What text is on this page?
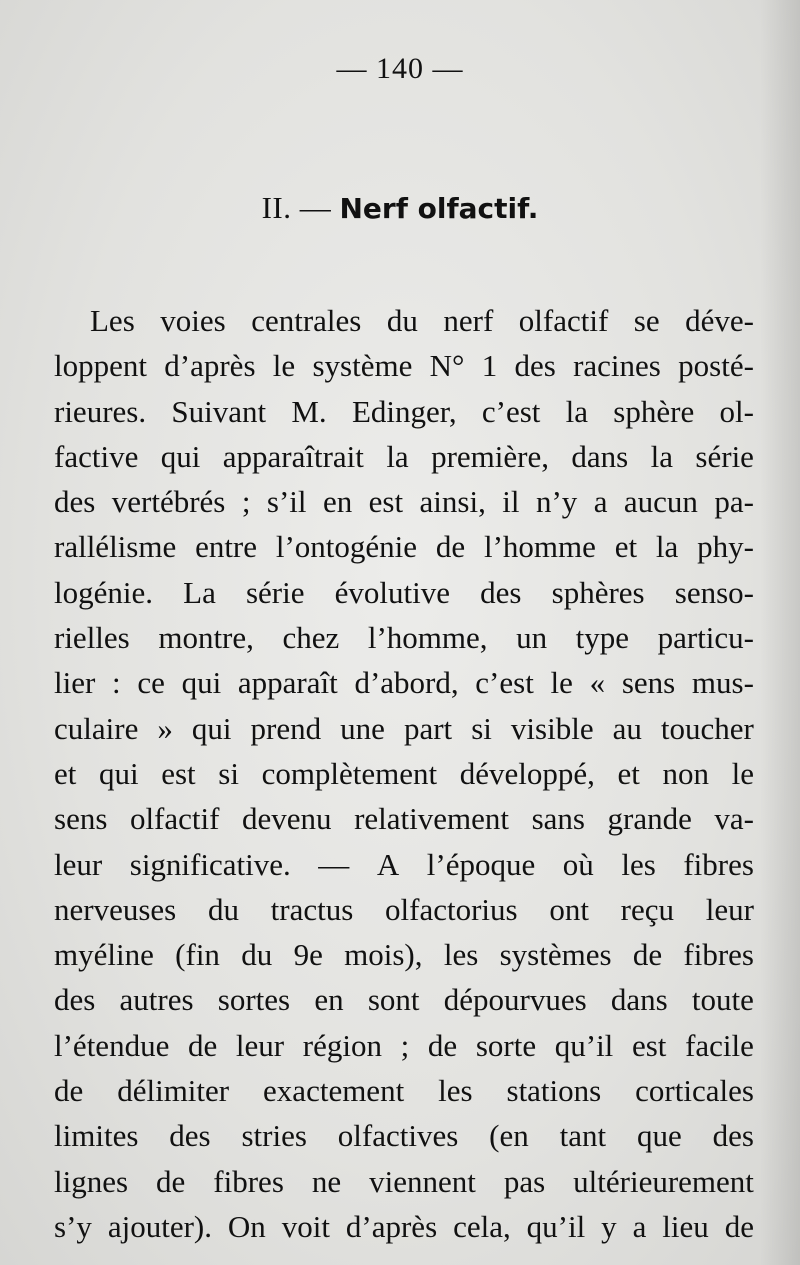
— 140 —
II. — Nerf olfactif.
Les voies centrales du nerf olfactif se déve-
loppent d’après le système N° 1 des racines posté-
rieures. Suivant M. Edinger, c’est la sphère ol-
factive qui apparaîtrait la première, dans la série
des vertébrés ; s’il en est ainsi, il n’y a aucun pa-
rallélisme entre l’ontogénie de l’homme et la phy-
logénie. La série évolutive des sphères senso-
rielles montre, chez l’homme, un type particu-
lier : ce qui apparaît d’abord, c’est le « sens mus-
culaire » qui prend une part si visible au toucher
et qui est si complètement développé, et non le
sens olfactif devenu relativement sans grande va-
leur significative. — A l’époque où les fibres
nerveuses du tractus olfactorius ont reçu leur
myéline (fin du 9e mois), les systèmes de fibres
des autres sortes en sont dépourvues dans toute
l’étendue de leur région ; de sorte qu’il est facile
de délimiter exactement les stations corticales
limites des stries olfactives (en tant que des
lignes de fibres ne viennent pas ultérieurement
s’y ajouter). On voit d’après cela, qu’il y a lieu de
